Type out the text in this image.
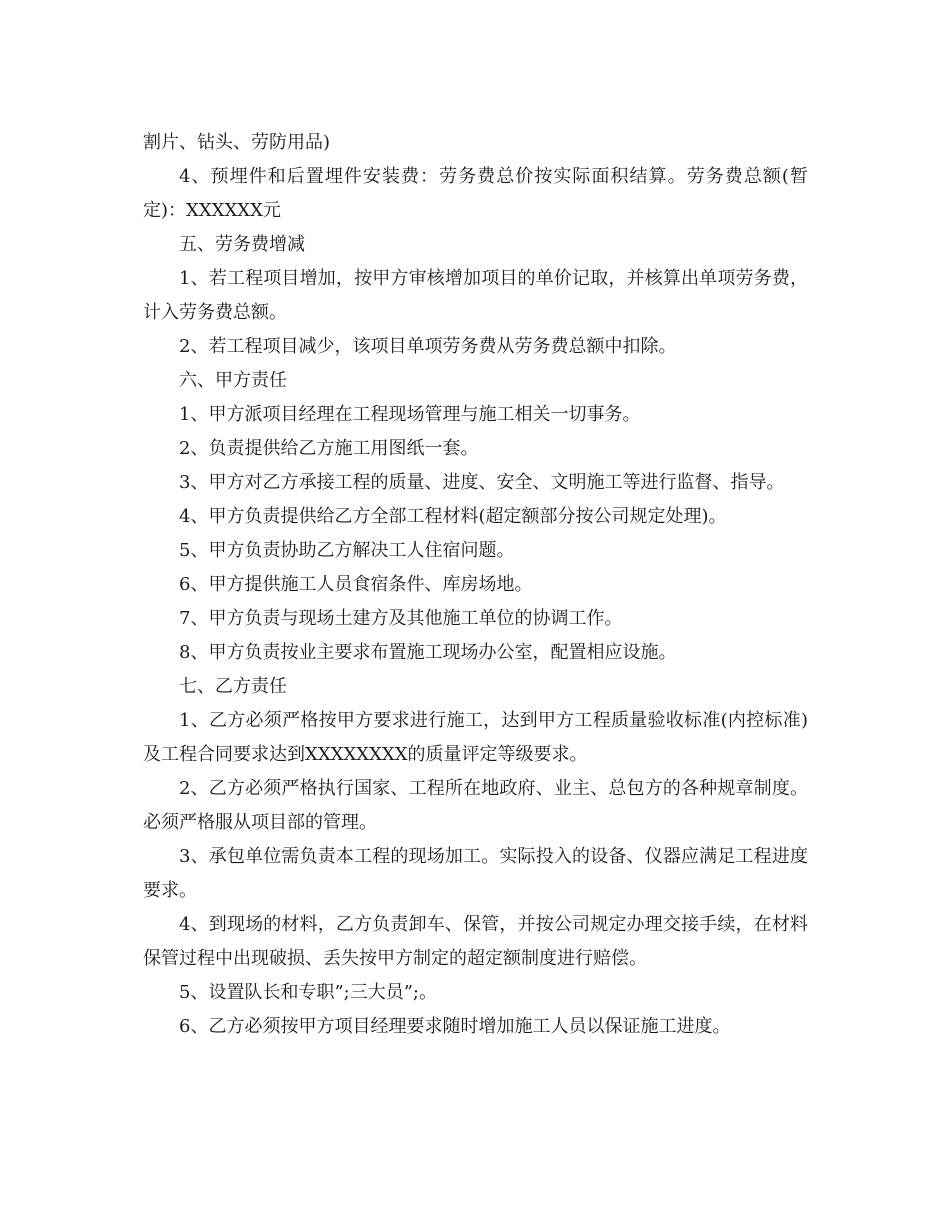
割片、钻头、劳防用品)

4、预埋件和后置埋件安装费：劳务费总价按实际面积结算。劳务费总额(暂定)：XXXXXX元

五、劳务费增减

1、若工程项目增加，按甲方审核增加项目的单价记取，并核算出单项劳务费，计入劳务费总额。

2、若工程项目减少，该项目单项劳务费从劳务费总额中扣除。

六、甲方责任

1、甲方派项目经理在工程现场管理与施工相关一切事务。

2、负责提供给乙方施工用图纸一套。

3、甲方对乙方承接工程的质量、进度、安全、文明施工等进行监督、指导。

4、甲方负责提供给乙方全部工程材料(超定额部分按公司规定处理)。

5、甲方负责协助乙方解决工人住宿问题。

6、甲方提供施工人员食宿条件、库房场地。

7、甲方负责与现场土建方及其他施工单位的协调工作。

8、甲方负责按业主要求布置施工现场办公室，配置相应设施。

七、乙方责任

1、乙方必须严格按甲方要求进行施工，达到甲方工程质量验收标准(内控标准)及工程合同要求达到XXXXXXXX的质量评定等级要求。

2、乙方必须严格执行国家、工程所在地政府、业主、总包方的各种规章制度。必须严格服从项目部的管理。

3、承包单位需负责本工程的现场加工。实际投入的设备、仪器应满足工程进度要求。

4、到现场的材料，乙方负责卸车、保管，并按公司规定办理交接手续，在材料保管过程中出现破损、丢失按甲方制定的超定额制度进行赔偿。

5、设置队长和专职”;三大员”;。

6、乙方必须按甲方项目经理要求随时增加施工人员以保证施工进度。
